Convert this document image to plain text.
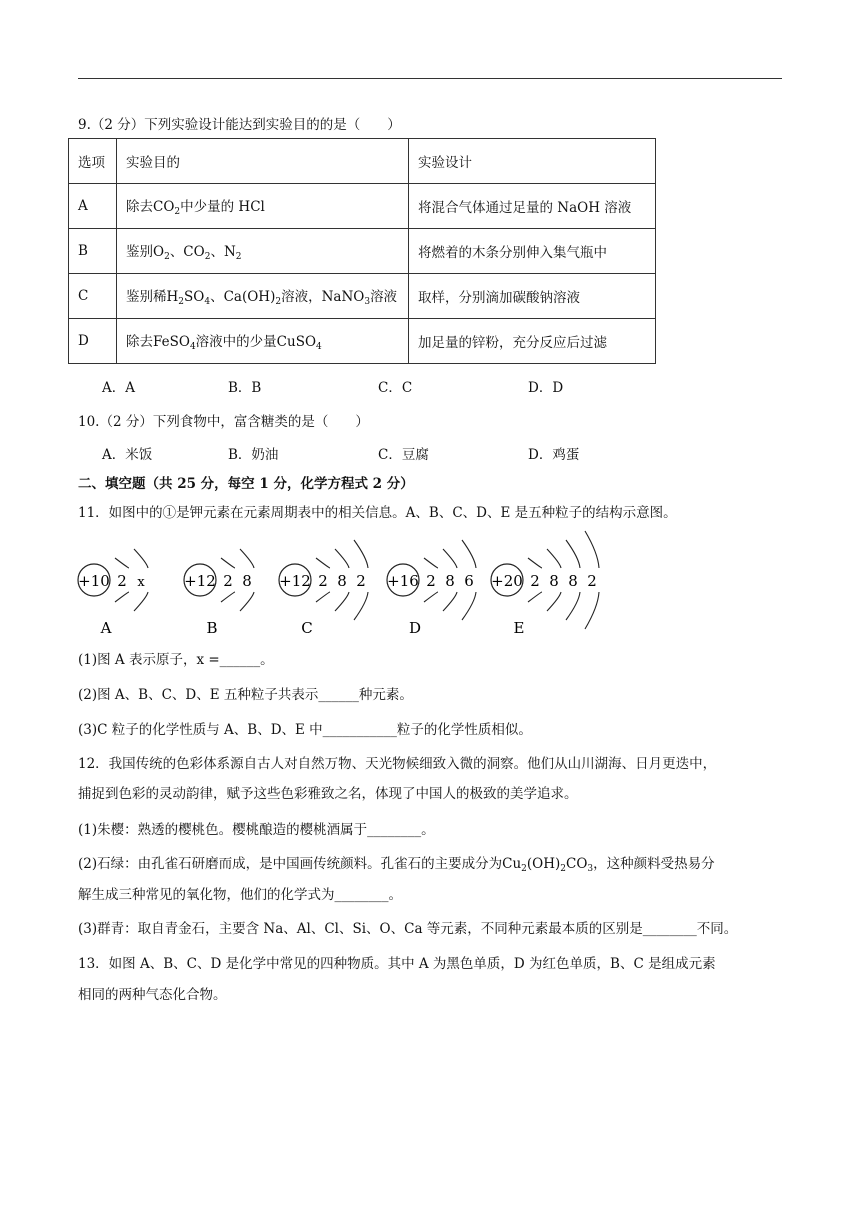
9.（2 分）下列实验设计能达到实验目的的是（　　）
选项	实验目的	实验设计
A	除去$CO_2$中少量的 HCl	将混合气体通过足量的 NaOH 溶液
B	鉴别$O_2$、$CO_2$、$N_2$	将燃着的木条分别伸入集气瓶中
C	鉴别稀$H_2SO_4$、$Ca(OH)_2$溶液，NaNO$_3$溶液	取样，分别滴加碳酸钠溶液
D	除去FeSO$_4$溶液中的少量CuSO$_4$	加足量的锌粉，充分反应后过滤
A．A	B．B	C．C	D．D
10.（2 分）下列食物中，富含糖类的是（　　）
A．米饭	B．奶油	C．豆腐	D．鸡蛋
二、填空题（共 25 分，每空 1 分，化学方程式 2 分）
11．如图中的①是钾元素在元素周期表中的相关信息。A、B、C、D、E 是五种粒子的结构示意图。
+10 2 x
A
+12 2 8
B
+12 2 8 2
C
+16 2 8 6
D
+20 2 8 8 2
E
(1)图 A 表示原子，x =______。
(2)图 A、B、C、D、E 五种粒子共表示______种元素。
(3)C 粒子的化学性质与 A、B、D、E 中___________粒子的化学性质相似。
12．我国传统的色彩体系源自古人对自然万物、天光物候细致入微的洞察。他们从山川湖海、日月更迭中，
捕捉到色彩的灵动韵律，赋予这些色彩雅致之名，体现了中国人的极致的美学追求。
(1)朱樱：熟透的樱桃色。樱桃酿造的樱桃酒属于________。
(2)石绿：由孔雀石研磨而成，是中国画传统颜料。孔雀石的主要成分为$Cu_2(OH)_2CO_3$，这种颜料受热易分
解生成三种常见的氧化物，他们的化学式为________。
(3)群青：取自青金石，主要含 Na、Al、Cl、Si、O、Ca 等元素，不同种元素最本质的区别是________不同。
13．如图 A、B、C、D 是化学中常见的四种物质。其中 A 为黑色单质，D 为红色单质，B、C 是组成元素
相同的两种气态化合物。
